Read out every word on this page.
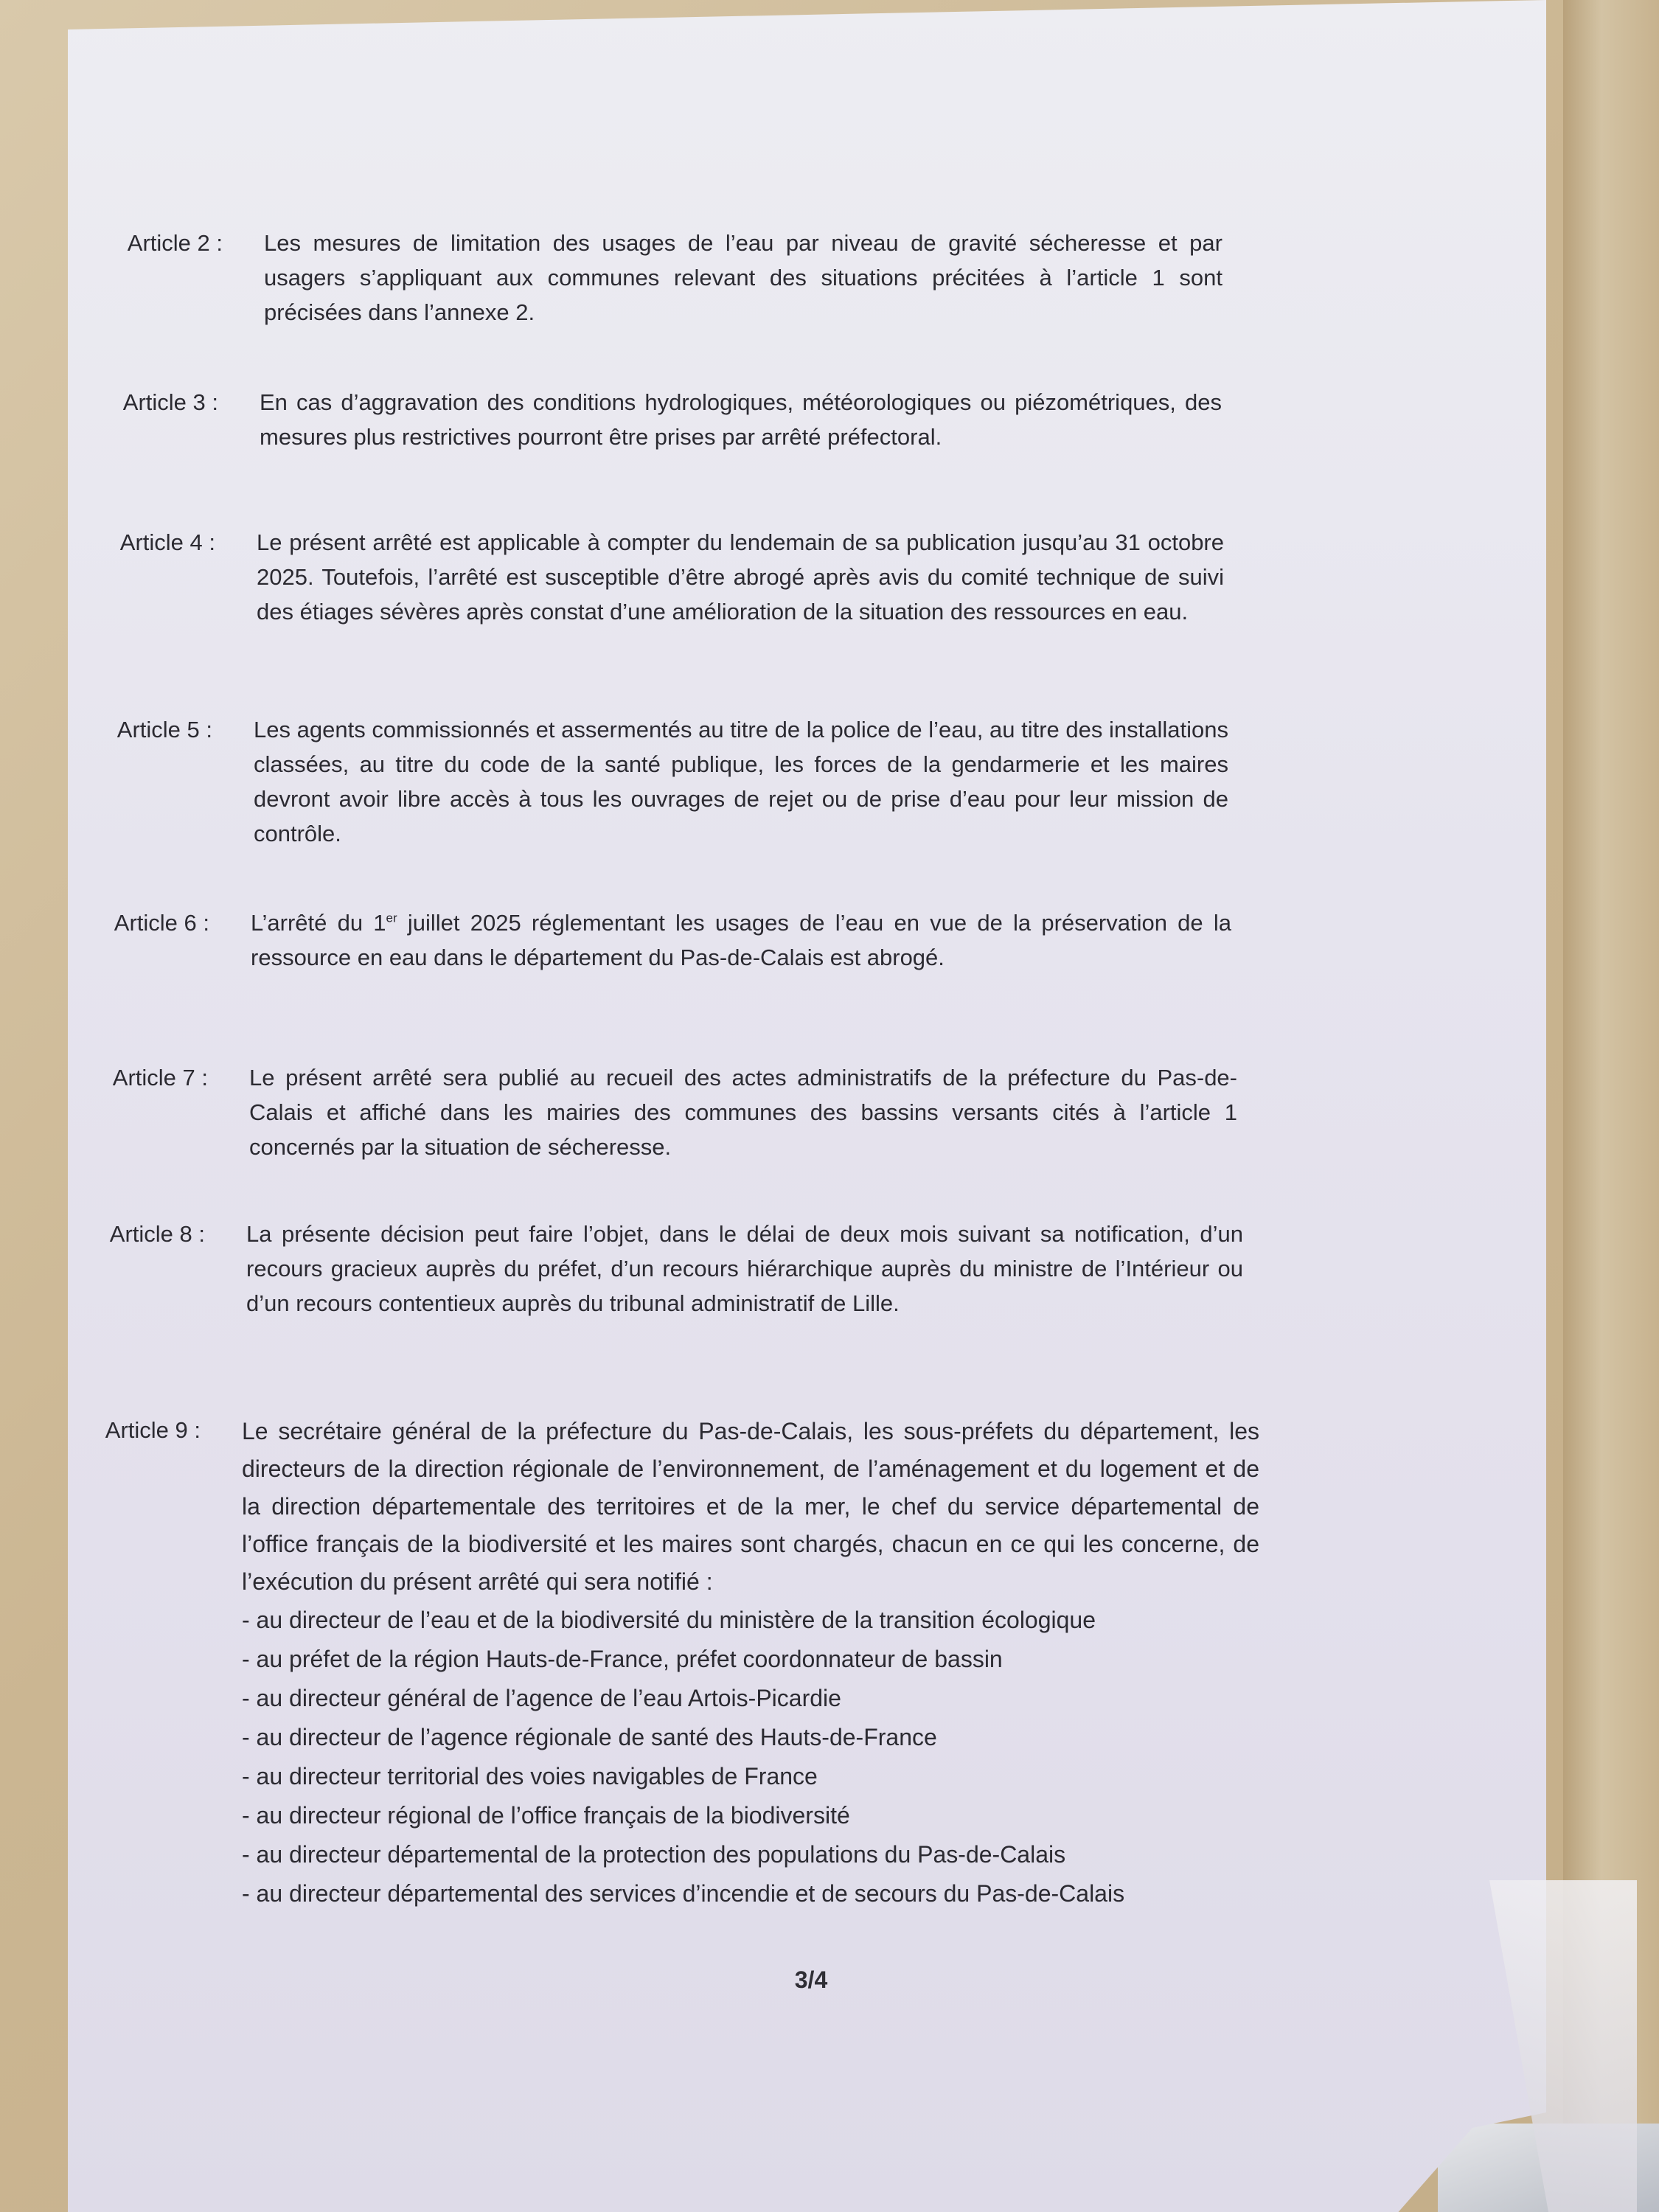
Article 2 :	Les mesures de limitation des usages de l’eau par niveau de gravité sécheresse et par usagers s’appliquant aux communes relevant des situations précitées à l’article 1 sont précisées dans l’annexe 2.
Article 3 :	En cas d’aggravation des conditions hydrologiques, météorologiques ou piézométriques, des mesures plus restrictives pourront être prises par arrêté préfectoral.
Article 4 :	Le présent arrêté est applicable à compter du lendemain de sa publication jusqu’au 31 octobre 2025. Toutefois, l’arrêté est susceptible d’être abrogé après avis du comité technique de suivi des étiages sévères après constat d’une amélioration de la situation des ressources en eau.
Article 5 :	Les agents commissionnés et assermentés au titre de la police de l’eau, au titre des installations classées, au titre du code de la santé publique, les forces de la gendarmerie et les maires devront avoir libre accès à tous les ouvrages de rejet ou de prise d’eau pour leur mission de contrôle.
Article 6 :	L’arrêté du 1er juillet 2025 réglementant les usages de l’eau en vue de la préservation de la ressource en eau dans le département du Pas-de-Calais est abrogé.
Article 7 :	Le présent arrêté sera publié au recueil des actes administratifs de la préfecture du Pas-de-Calais et affiché dans les mairies des communes des bassins versants cités à l’article 1 concernés par la situation de sécheresse.
Article 8 :	La présente décision peut faire l’objet, dans le délai de deux mois suivant sa notification, d’un recours gracieux auprès du préfet, d’un recours hiérarchique auprès du ministre de l’Intérieur ou d’un recours contentieux auprès du tribunal administratif de Lille.
Article 9 :	Le secrétaire général de la préfecture du Pas-de-Calais, les sous-préfets du département, les directeurs de la direction régionale de l’environnement, de l’aménagement et du logement et de la direction départementale des territoires et de la mer, le chef du service départemental de l’office français de la biodiversité et les maires sont chargés, chacun en ce qui les concerne, de l’exécution du présent arrêté qui sera notifié :

- au directeur de l’eau et de la biodiversité du ministère de la transition écologique
- au préfet de la région Hauts-de-France, préfet coordonnateur de bassin
- au directeur général de l’agence de l’eau Artois-Picardie
- au directeur de l’agence régionale de santé des Hauts-de-France
- au directeur territorial des voies navigables de France
- au directeur régional de l’office français de la biodiversité
- au directeur départemental de la protection des populations du Pas-de-Calais
- au directeur départemental des services d’incendie et de secours du Pas-de-Calais
3/4
